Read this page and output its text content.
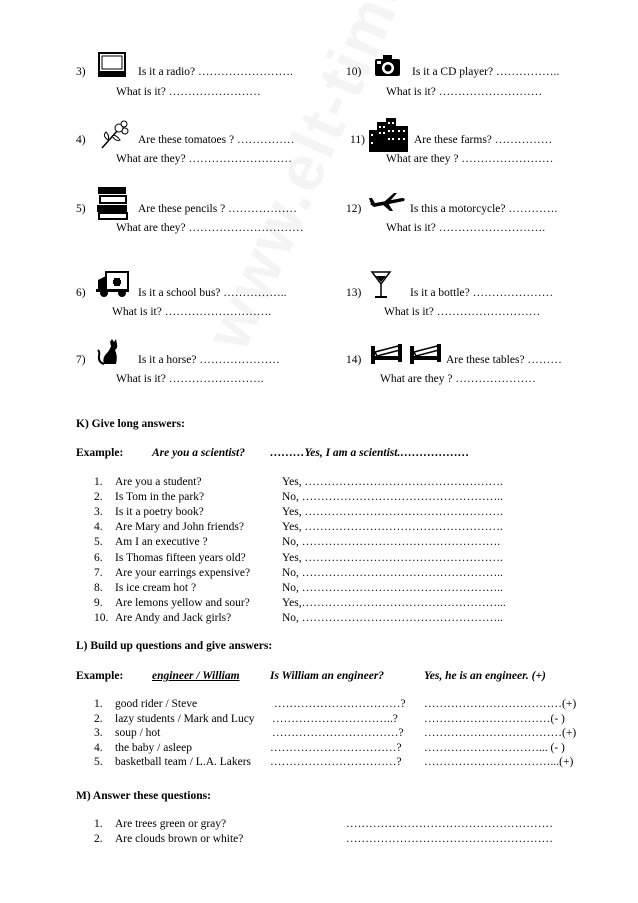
3)	Is it a radio? …………………….
What is it? ……………………
4)	Are these tomatoes ? ……………
What are they? ………………………
5)	Are these pencils ? ………………
What are they? …………………………
6)	Is it a school bus? ……………..
What is it? ……………………….
7)	Is it a horse? …………………
What is it? …………………….
10)	Is it a CD player? ……………..
What is it? ………………………
11)	Are these farms? ……………
What are they ? ……………………
12)	Is this a motorcycle? ………….
What is it? ……………………….
13)	Is it a bottle? …………………
What is it? ………………………
14)	Are these tables? ………
What are they ? …………………
K) Give long answers:
Example: Are you a scientist? ………Yes, I am a scientist.………………
1. Are you a student?	Yes, …………………………………………….
2. Is Tom in the park?	No, ……………………………………………..
3. Is it a poetry book?	Yes, …………………………………………….
4. Are Mary and John friends?	Yes, …………………………………………….
5. Am I an executive ?	No, …………………………………………….
6. Is Thomas fifteen years old?	Yes, …………………………………………….
7. Are your earrings expensive?	No, ……………………………………………..
8. Is ice cream hot ?	No, ……………………………………………..
9. Are lemons yellow and sour?	Yes,……………………………………………...
10. Are Andy and Jack girls?	No, ……………………………………………..
L) Build up questions and give answers:
Example: engineer / William	Is William an engineer?	Yes, he is an engineer. (+)
1. good rider / Steve	……………………………? ………………………………(+)
2. lazy students / Mark and Lucy …………………………..? ……………………………(- )
3. soup / hot	……………………………? ………………………………(+)
4. the baby / asleep	……………………………? …………………………... (- )
5. basketball team / L.A. Lakers ……………………………? ……………………………...(+)
M) Answer these questions:
1. Are trees green or gray?	………………………………………………
2. Are clouds brown or white?	………………………………………………
